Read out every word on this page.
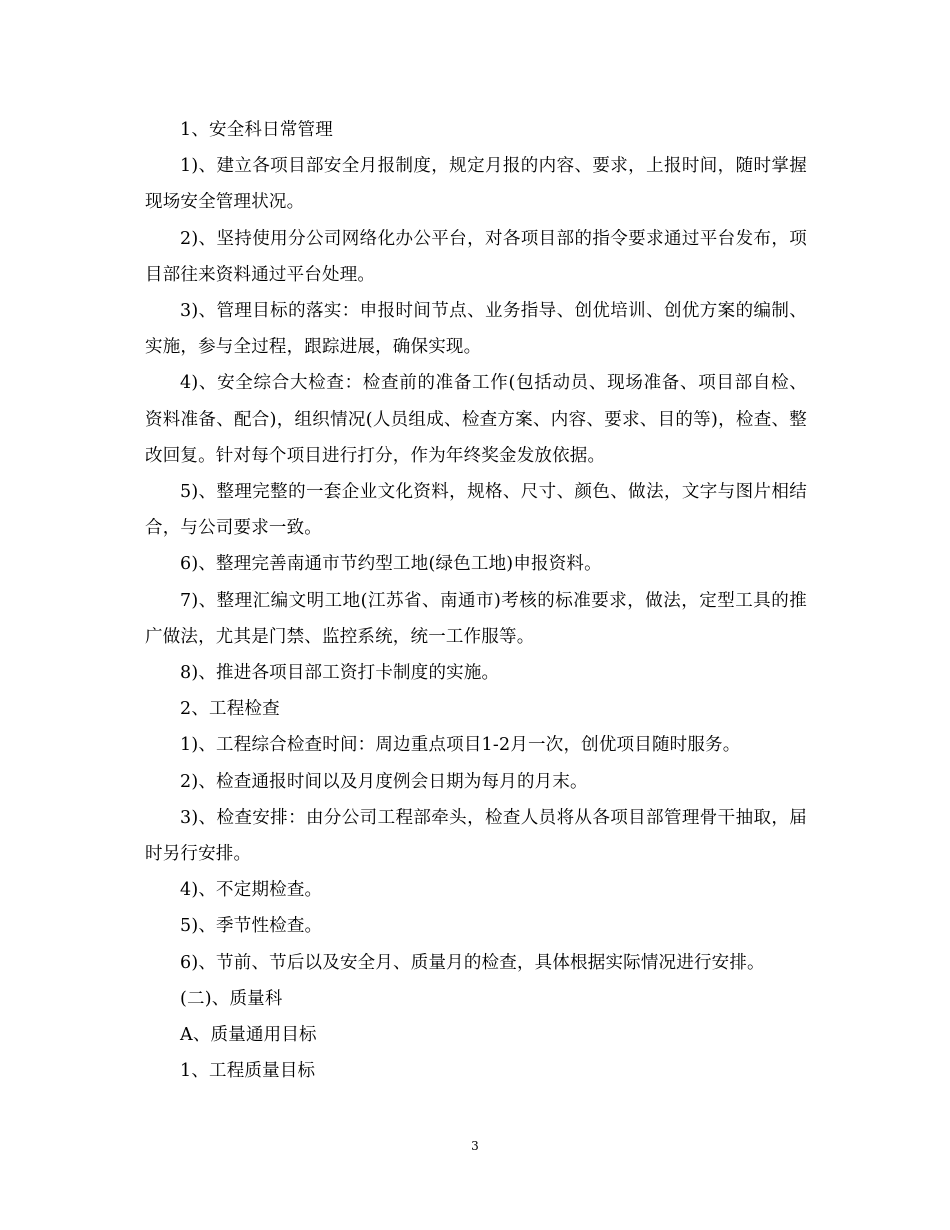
1、安全科日常管理

1)、建立各项目部安全月报制度，规定月报的内容、要求，上报时间，随时掌握现场安全管理状况。

2)、坚持使用分公司网络化办公平台，对各项目部的指令要求通过平台发布，项目部往来资料通过平台处理。

3)、管理目标的落实：申报时间节点、业务指导、创优培训、创优方案的编制、实施，参与全过程，跟踪进展，确保实现。

4)、安全综合大检查：检查前的准备工作(包括动员、现场准备、项目部自检、资料准备、配合)，组织情况(人员组成、检查方案、内容、要求、目的等)，检查、整改回复。针对每个项目进行打分，作为年终奖金发放依据。

5)、整理完整的一套企业文化资料，规格、尺寸、颜色、做法，文字与图片相结合，与公司要求一致。

6)、整理完善南通市节约型工地(绿色工地)申报资料。

7)、整理汇编文明工地(江苏省、南通市)考核的标准要求，做法，定型工具的推广做法，尤其是门禁、监控系统，统一工作服等。

8)、推进各项目部工资打卡制度的实施。

2、工程检查

1)、工程综合检查时间：周边重点项目1-2月一次，创优项目随时服务。

2)、检查通报时间以及月度例会日期为每月的月末。

3)、检查安排：由分公司工程部牵头，检查人员将从各项目部管理骨干抽取，届时另行安排。

4)、不定期检查。

5)、季节性检查。

6)、节前、节后以及安全月、质量月的检查，具体根据实际情况进行安排。

(二)、质量科

A、质量通用目标

1、工程质量目标

3
